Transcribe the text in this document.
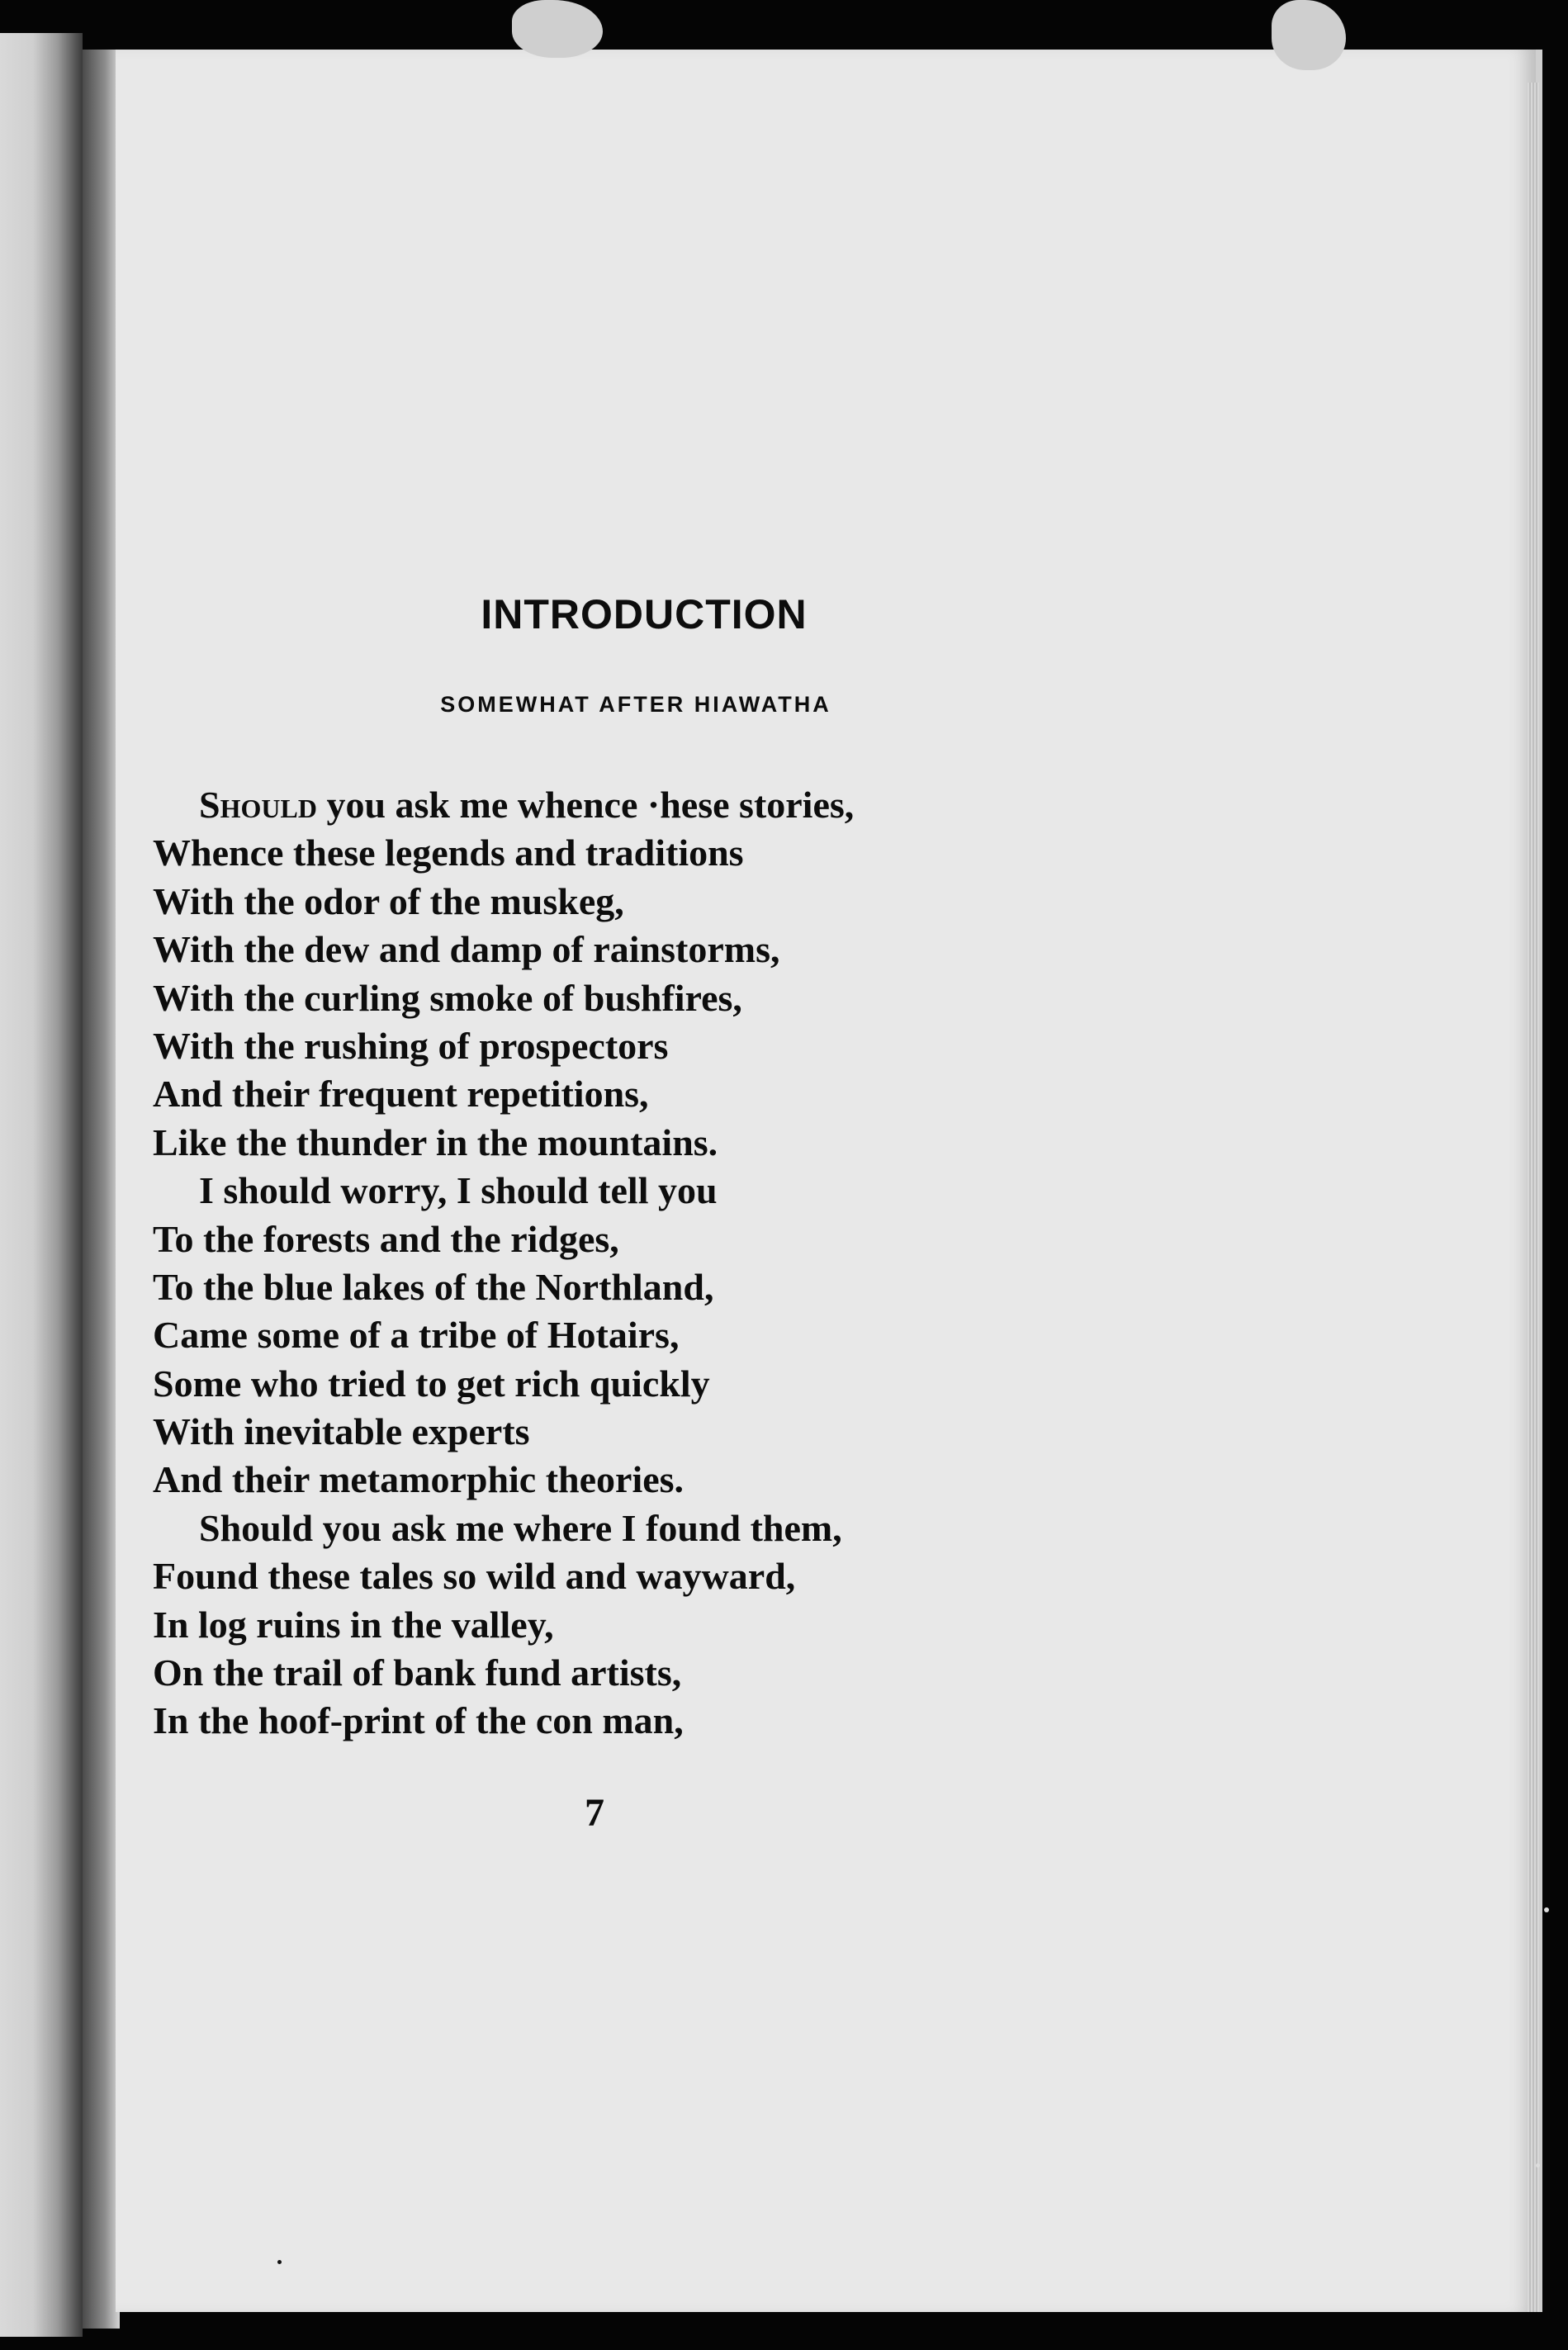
INTRODUCTION
SOMEWHAT AFTER HIAWATHA
Should you ask me whence ·hese stories,
Whence these legends and traditions
With the odor of the muskeg,
With the dew and damp of rainstorms,
With the curling smoke of bushfires,
With the rushing of prospectors
And their frequent repetitions,
Like the thunder in the mountains.
I should worry, I should tell you
To the forests and the ridges,
To the blue lakes of the Northland,
Came some of a tribe of Hotairs,
Some who tried to get rich quickly
With inevitable experts
And their metamorphic theories.
Should you ask me where I found them,
Found these tales so wild and wayward,
In log ruins in the valley,
On the trail of bank fund artists,
In the hoof-print of the con man,

7
